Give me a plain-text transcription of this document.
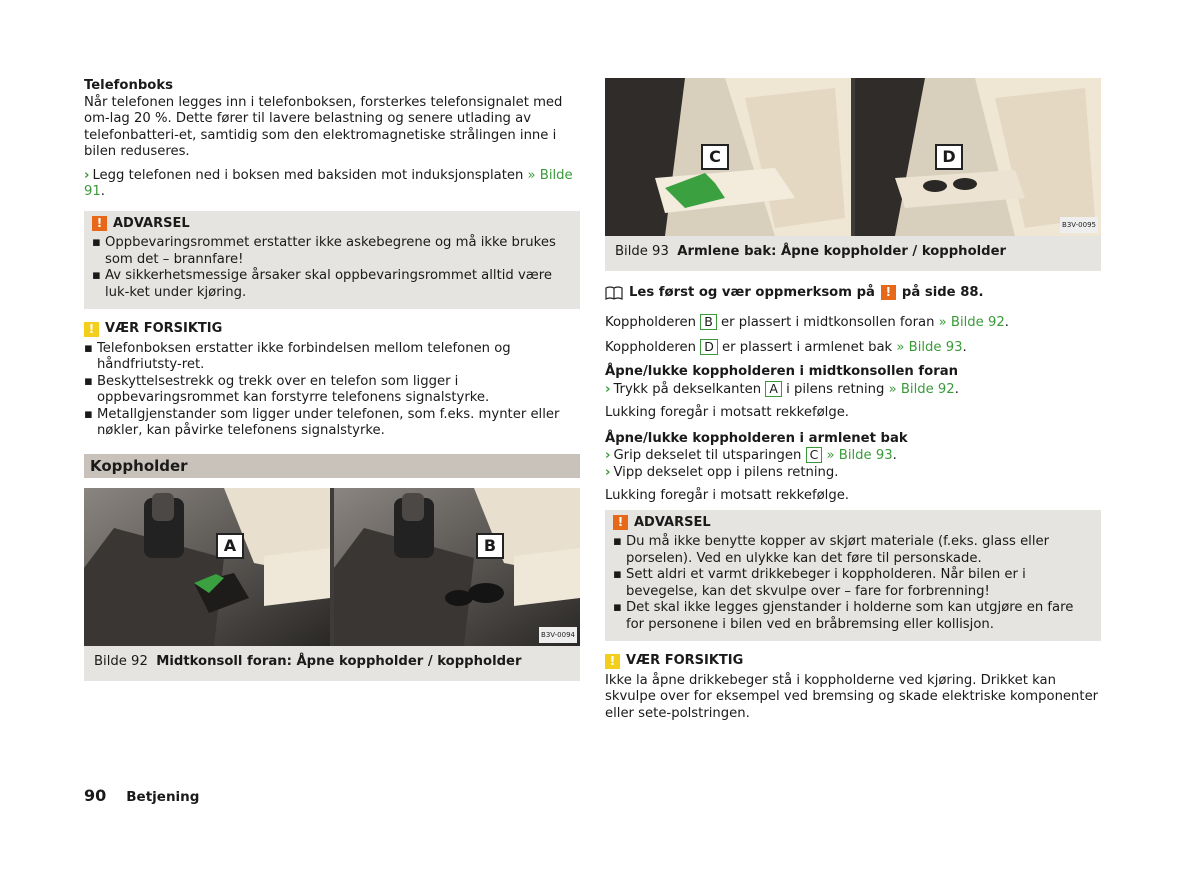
Telefonboks

Når telefonen legges inn i telefonboksen, forsterkes telefonsignalet med om-lag 20 %. Dette fører til lavere belastning og senere utlading av telefonbatteri-et, samtidig som den elektromagnetiske strålingen inne i bilen reduseres.

› Legg telefonen ned i boksen med baksiden mot induksjonsplaten » Bilde 91.

! ADVARSEL
▪ Oppbevaringsrommet erstatter ikke askebegrene og må ikke brukes som det – brannfare!
▪ Av sikkerhetsmessige årsaker skal oppbevaringsrommet alltid være luk-ket under kjøring.
! VÆR FORSIKTIG
▪ Telefonboksen erstatter ikke forbindelsen mellom telefonen og håndfriutsty-ret.
▪ Beskyttelsestrekk og trekk over en telefon som ligger i oppbevaringsrommet kan forstyrre telefonens signalstyrke.
▪ Metallgjenstander som ligger under telefonen, som f.eks. mynter eller nøkler, kan påvirke telefonens signalstyrke.
Koppholder
A	B
B3V-0094
Bilde 92 Midtkonsoll foran: Åpne koppholder / koppholder
C	D
B3V-0095
Bilde 93 Armlene bak: Åpne koppholder / koppholder

Les først og vær oppmerksom på ! på side 88.

Koppholderen B er plassert i midtkonsollen foran » Bilde 92.

Koppholderen D er plassert i armlenet bak » Bilde 93.

Åpne/lukke koppholderen i midtkonsollen foran

› Trykk på dekselkanten A i pilens retning » Bilde 92.

Lukking foregår i motsatt rekkefølge.

Åpne/lukke koppholderen i armlenet bak

› Grip dekselet til utsparingen C » Bilde 93.

› Vipp dekselet opp i pilens retning.

Lukking foregår i motsatt rekkefølge.

! ADVARSEL
▪ Du må ikke benytte kopper av skjørt materiale (f.eks. glass eller porselen). Ved en ulykke kan det føre til personskade.
▪ Sett aldri et varmt drikkebeger i koppholderen. Når bilen er i bevegelse, kan det skvulpe over – fare for forbrenning!
▪ Det skal ikke legges gjenstander i holderne som kan utgjøre en fare for personene i bilen ved en bråbremsing eller kollisjon.
! VÆR FORSIKTIG

Ikke la åpne drikkebeger stå i koppholderne ved kjøring. Drikket kan skvulpe over for eksempel ved bremsing og skade elektriske komponenter eller sete-polstringen.

90 Betjening
